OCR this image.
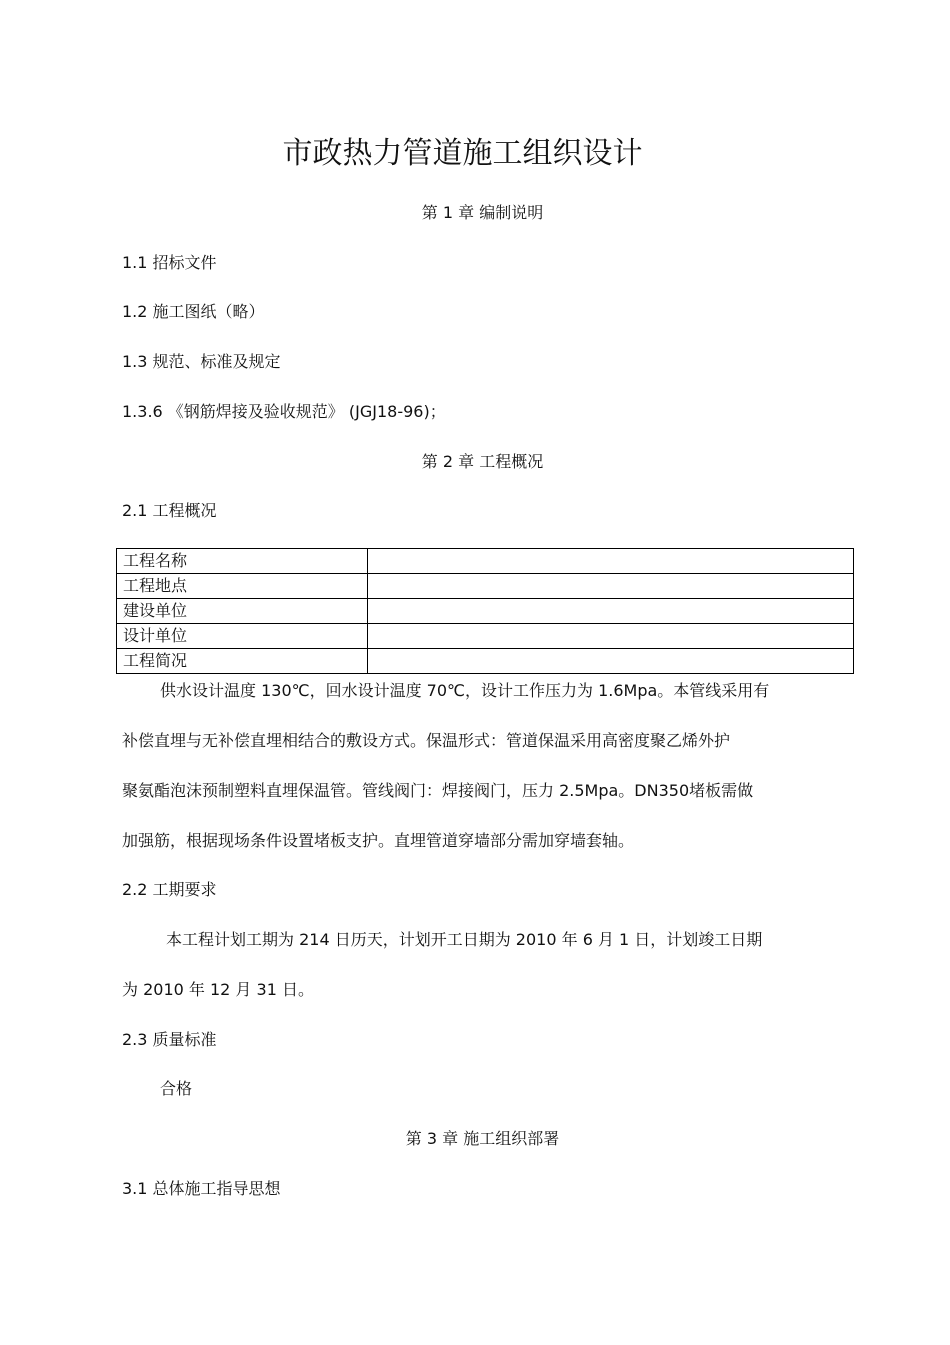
市政热力管道施工组织设计
第 1 章 编制说明
1.1 招标文件
1.2 施工图纸（略）
1.3 规范、标准及规定
1.3.6 《钢筋焊接及验收规范》 (JGJ18-96)；
第 2 章 工程概况
2.1 工程概况
工程名称	
工程地点	
建设单位	
设计单位	
工程简况	
供水设计温度 130℃，回水设计温度 70℃，设计工作压力为 1.6Mpa。本管线采用有
补偿直埋与无补偿直埋相结合的敷设方式。保温形式：管道保温采用高密度聚乙烯外护
聚氨酯泡沫预制塑料直埋保温管。管线阀门：焊接阀门，压力 2.5Mpa。DN350堵板需做
加强筋，根据现场条件设置堵板支护。直埋管道穿墙部分需加穿墙套轴。
2.2 工期要求
本工程计划工期为 214 日历天，计划开工日期为 2010 年 6 月 1 日，计划竣工日期
为 2010 年 12 月 31 日。
2.3 质量标准
合格
第 3 章 施工组织部署
3.1 总体施工指导思想
